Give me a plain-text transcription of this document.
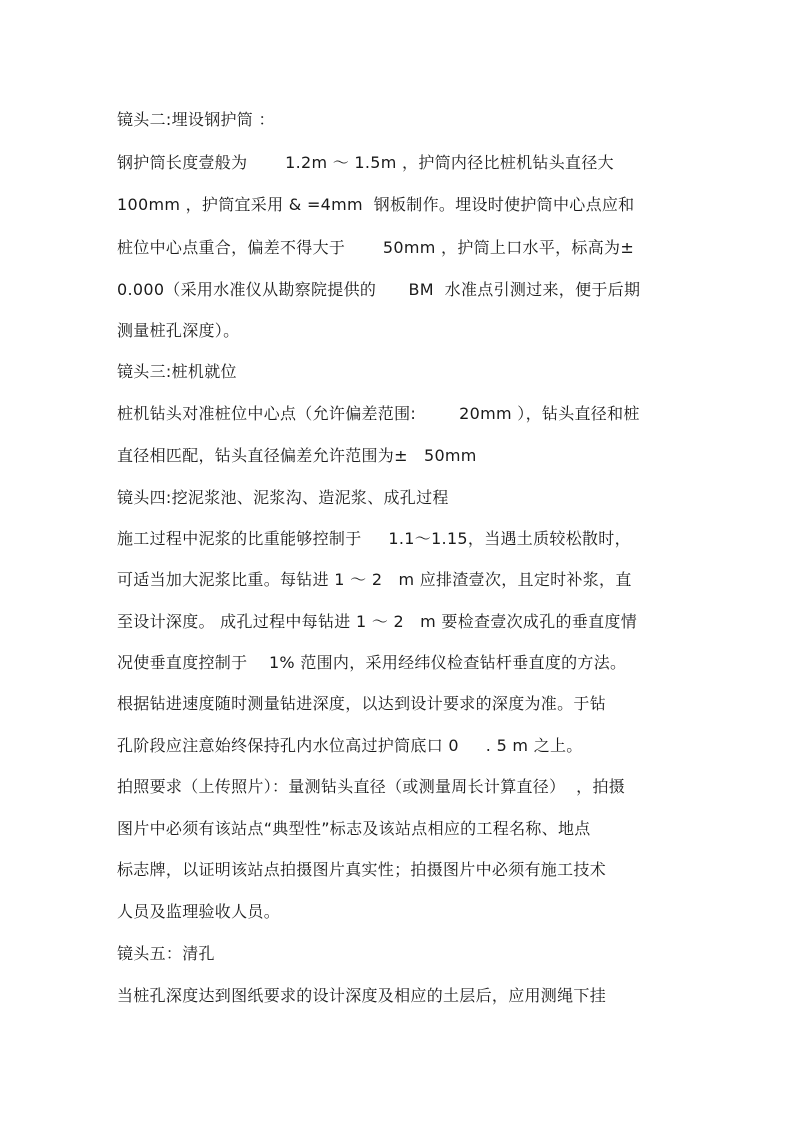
镜头二:埋设钢护筒 ：
钢护筒长度壹般为       1.2m ～ 1.5m ，护筒内径比桩机钻头直径大
100mm ，护筒宜采用 & =4mm  钢板制作。埋设时使护筒中心点应和
桩位中心点重合，偏差不得大于       50mm ，护筒上口水平，标高为±
0.000（采用水准仪从勘察院提供的      BM  水准点引测过来，便于后期
测量桩孔深度）。
镜头三:桩机就位
桩机钻头对准桩位中心点（允许偏差范围:        20mm ），钻头直径和桩
直径相匹配，钻头直径偏差允许范围为±   50mm
镜头四:挖泥浆池、泥浆沟、造泥浆、成孔过程
施工过程中泥浆的比重能够控制于     1.1～1.15，当遇土质较松散时，
可适当加大泥浆比重。每钻进 1 ～ 2   m 应排渣壹次，且定时补浆，直
至设计深度。 成孔过程中每钻进 1 ～ 2   m 要检查壹次成孔的垂直度情
况使垂直度控制于    1% 范围内，采用经纬仪检查钻杆垂直度的方法。
根据钻进速度随时测量钻进深度，以达到设计要求的深度为准。于钻
孔阶段应注意始终保持孔内水位高过护筒底口 0     . 5 m 之上。
拍照要求（上传照片）：量测钻头直径（或测量周长计算直径）  ，拍摄
图片中必须有该站点“典型性”标志及该站点相应的工程名称、地点
标志牌，以证明该站点拍摄图片真实性；拍摄图片中必须有施工技术
人员及监理验收人员。
镜头五：清孔
当桩孔深度达到图纸要求的设计深度及相应的土层后，应用测绳下挂
